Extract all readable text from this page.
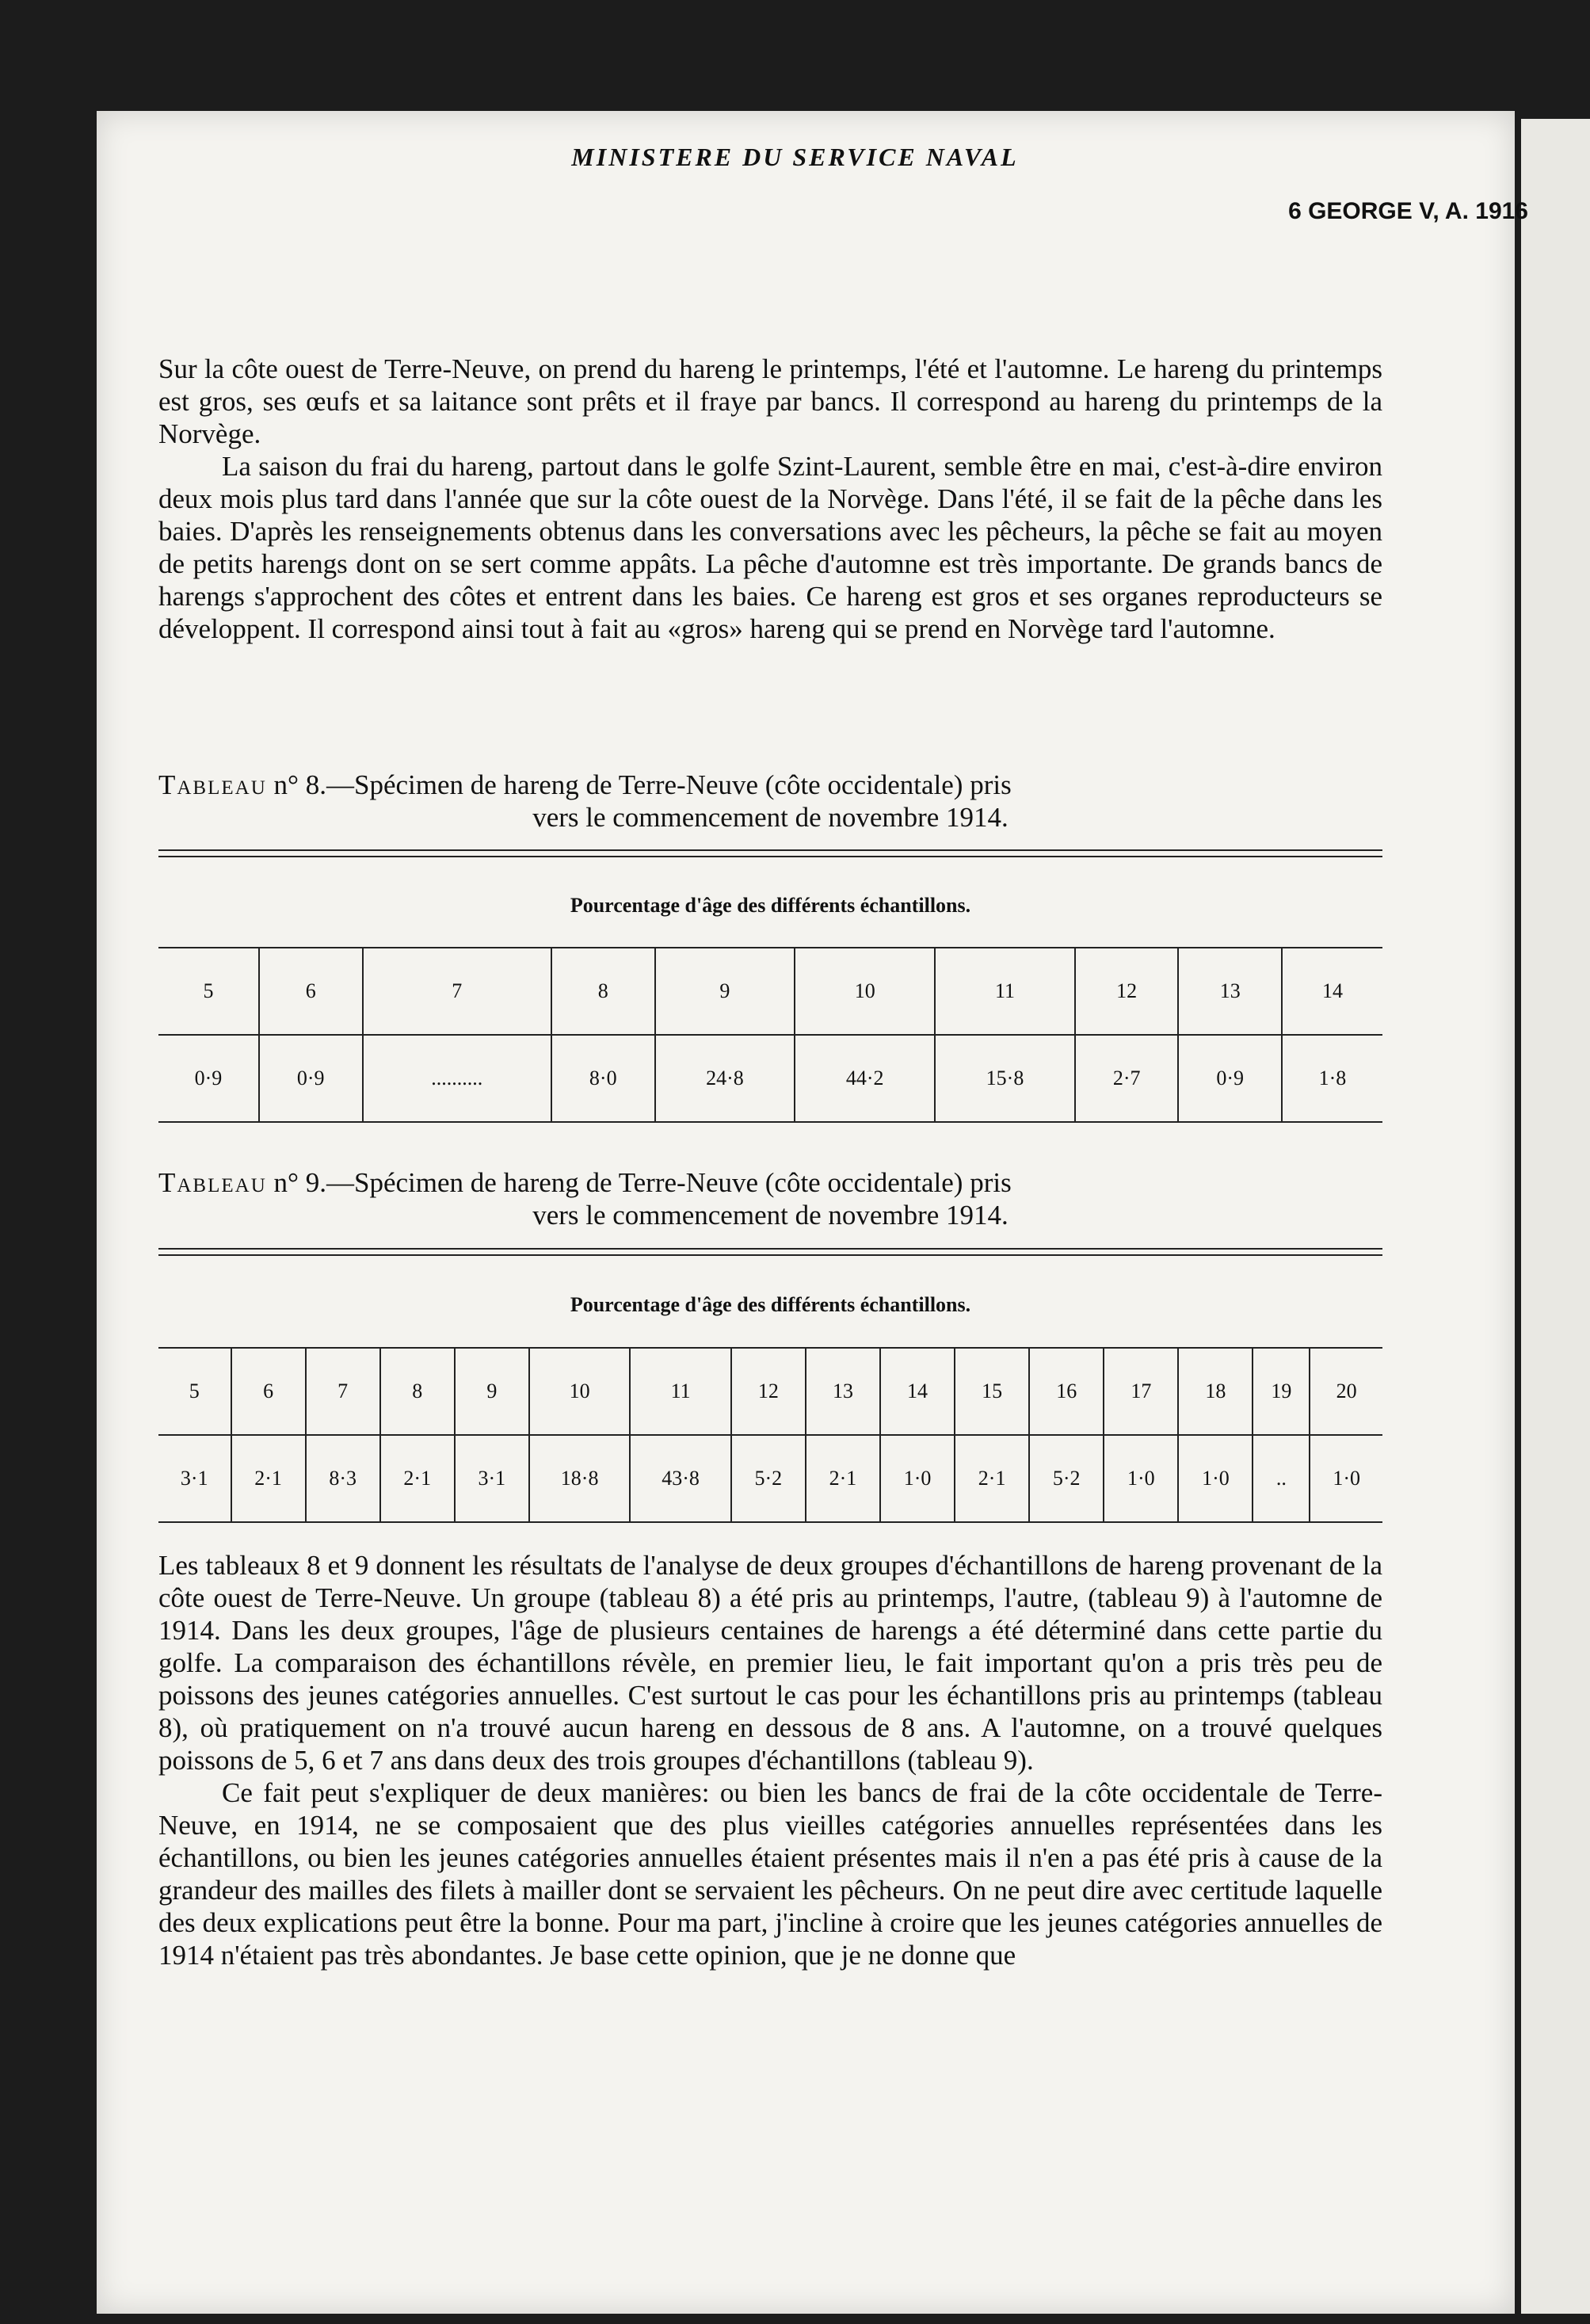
MINISTERE DU SERVICE NAVAL
6 GEORGE V, A. 1916

Sur la côte ouest de Terre-Neuve, on prend du hareng le printemps, l'été et l'automne. Le hareng du printemps est gros, ses œufs et sa laitance sont prêts et il fraye par bancs. Il correspond au hareng du printemps de la Norvège.

La saison du frai du hareng, partout dans le golfe Szint-Laurent, semble être en mai, c'est-à-dire environ deux mois plus tard dans l'année que sur la côte ouest de la Norvège. Dans l'été, il se fait de la pêche dans les baies. D'après les renseignements obtenus dans les conversations avec les pêcheurs, la pêche se fait au moyen de petits harengs dont on se sert comme appâts. La pêche d'automne est très importante. De grands bancs de harengs s'approchent des côtes et entrent dans les baies. Ce hareng est gros et ses organes reproducteurs se développent. Il correspond ainsi tout à fait au «gros» hareng qui se prend en Norvège tard l'automne.

Tableau n° 8.—Spécimen de hareng de Terre-Neuve (côte occidentale) pris
vers le commencement de novembre 1914.
Pourcentage d'âge des différents échantillons.
5	6	7	8	9	10	11	12	13	14
0·9	0·9	..........	8·0	24·8	44·2	15·8	2·7	0·9	1·8
Tableau n° 9.—Spécimen de hareng de Terre-Neuve (côte occidentale) pris
vers le commencement de novembre 1914.
Pourcentage d'âge des différents échantillons.
5	6	7	8	9	10	11	12	13	14	15	16	17	18	19	20
3·1	2·1	8·3	2·1	3·1	18·8	43·8	5·2	2·1	1·0	2·1	5·2	1·0	1·0	..	1·0

Les tableaux 8 et 9 donnent les résultats de l'analyse de deux groupes d'échantillons de hareng provenant de la côte ouest de Terre-Neuve. Un groupe (tableau 8) a été pris au printemps, l'autre, (tableau 9) à l'automne de 1914. Dans les deux groupes, l'âge de plusieurs centaines de harengs a été déterminé dans cette partie du golfe. La comparaison des échantillons révèle, en premier lieu, le fait important qu'on a pris très peu de poissons des jeunes catégories annuelles. C'est surtout le cas pour les échantillons pris au printemps (tableau 8), où pratiquement on n'a trouvé aucun hareng en dessous de 8 ans. A l'automne, on a trouvé quelques poissons de 5, 6 et 7 ans dans deux des trois groupes d'échantillons (tableau 9).

Ce fait peut s'expliquer de deux manières: ou bien les bancs de frai de la côte occidentale de Terre-Neuve, en 1914, ne se composaient que des plus vieilles catégories annuelles représentées dans les échantillons, ou bien les jeunes catégories annuelles étaient présentes mais il n'en a pas été pris à cause de la grandeur des mailles des filets à mailler dont se servaient les pêcheurs. On ne peut dire avec certitude laquelle des deux explications peut être la bonne. Pour ma part, j'incline à croire que les jeunes catégories annuelles de 1914 n'étaient pas très abondantes. Je base cette opinion, que je ne donne que
